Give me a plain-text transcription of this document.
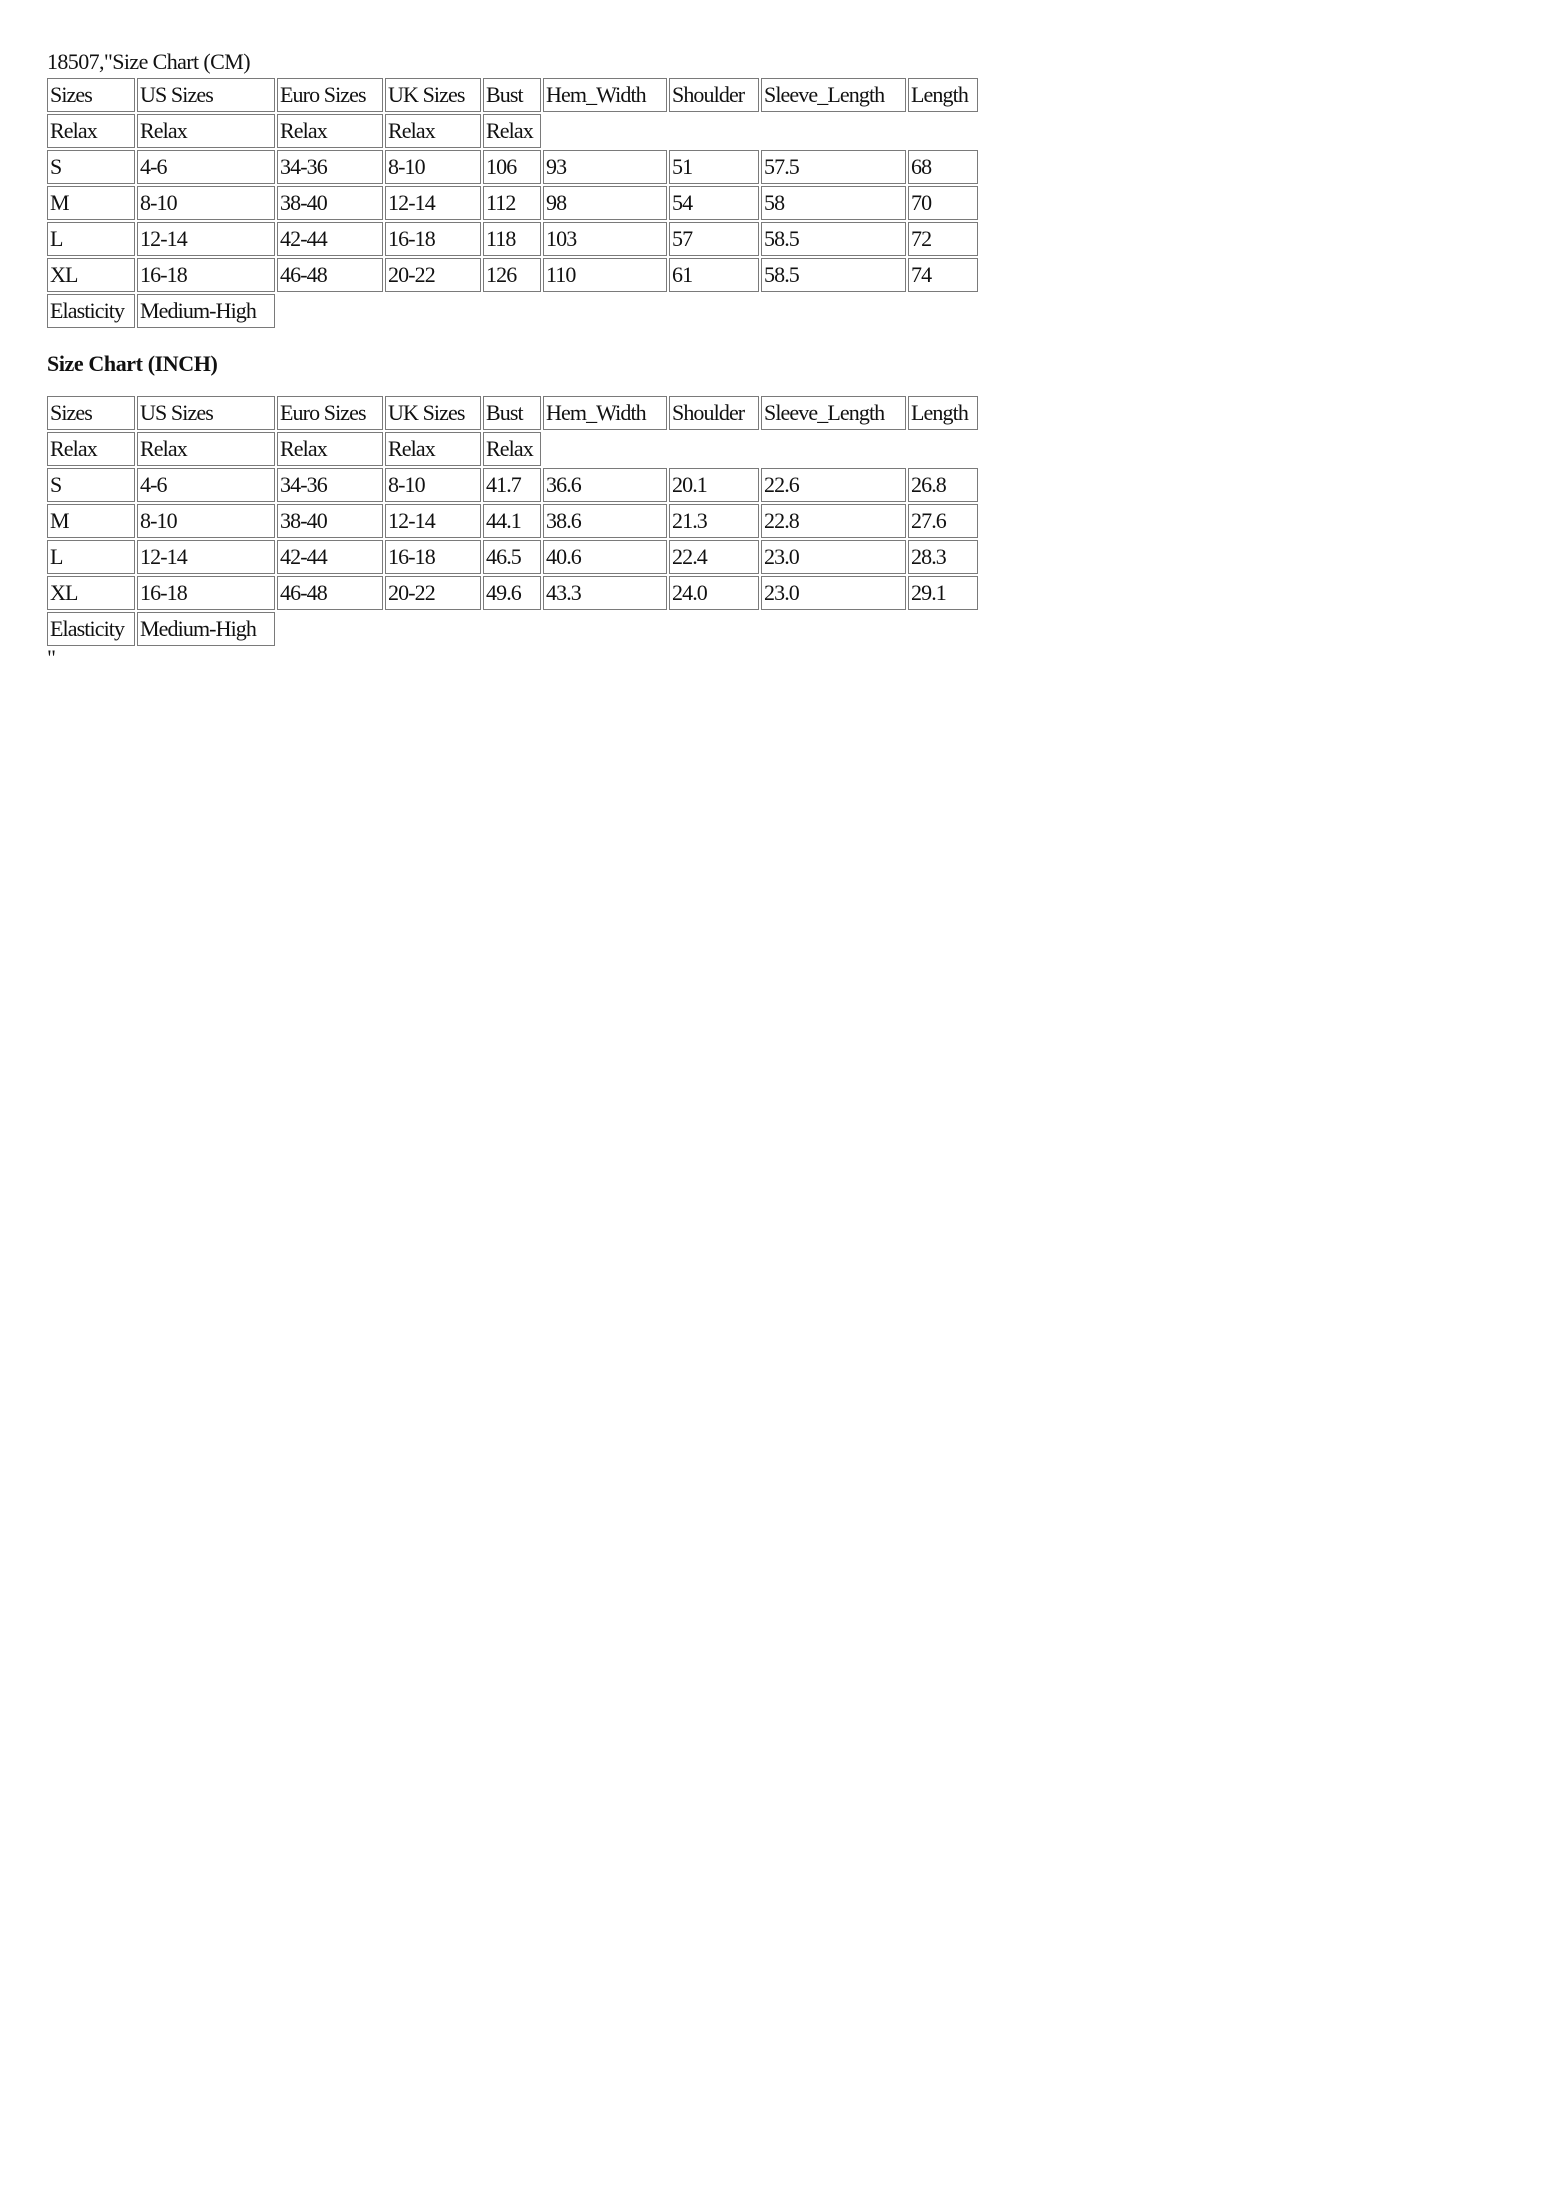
18507,"Size Chart (CM)
Sizes	US Sizes	Euro Sizes	UK Sizes	Bust	Hem_Width	Shoulder	Sleeve_Length	Length
Relax	Relax	Relax	Relax	Relax				
S	4-6	34-36	8-10	106	93	51	57.5	68
M	8-10	38-40	12-14	112	98	54	58	70
L	12-14	42-44	16-18	118	103	57	58.5	72
XL	16-18	46-48	20-22	126	110	61	58.5	74
Elasticity	Medium-High							
Size Chart (INCH)
Sizes	US Sizes	Euro Sizes	UK Sizes	Bust	Hem_Width	Shoulder	Sleeve_Length	Length
Relax	Relax	Relax	Relax	Relax				
S	4-6	34-36	8-10	41.7	36.6	20.1	22.6	26.8
M	8-10	38-40	12-14	44.1	38.6	21.3	22.8	27.6
L	12-14	42-44	16-18	46.5	40.6	22.4	23.0	28.3
XL	16-18	46-48	20-22	49.6	43.3	24.0	23.0	29.1
Elasticity	Medium-High							
"
